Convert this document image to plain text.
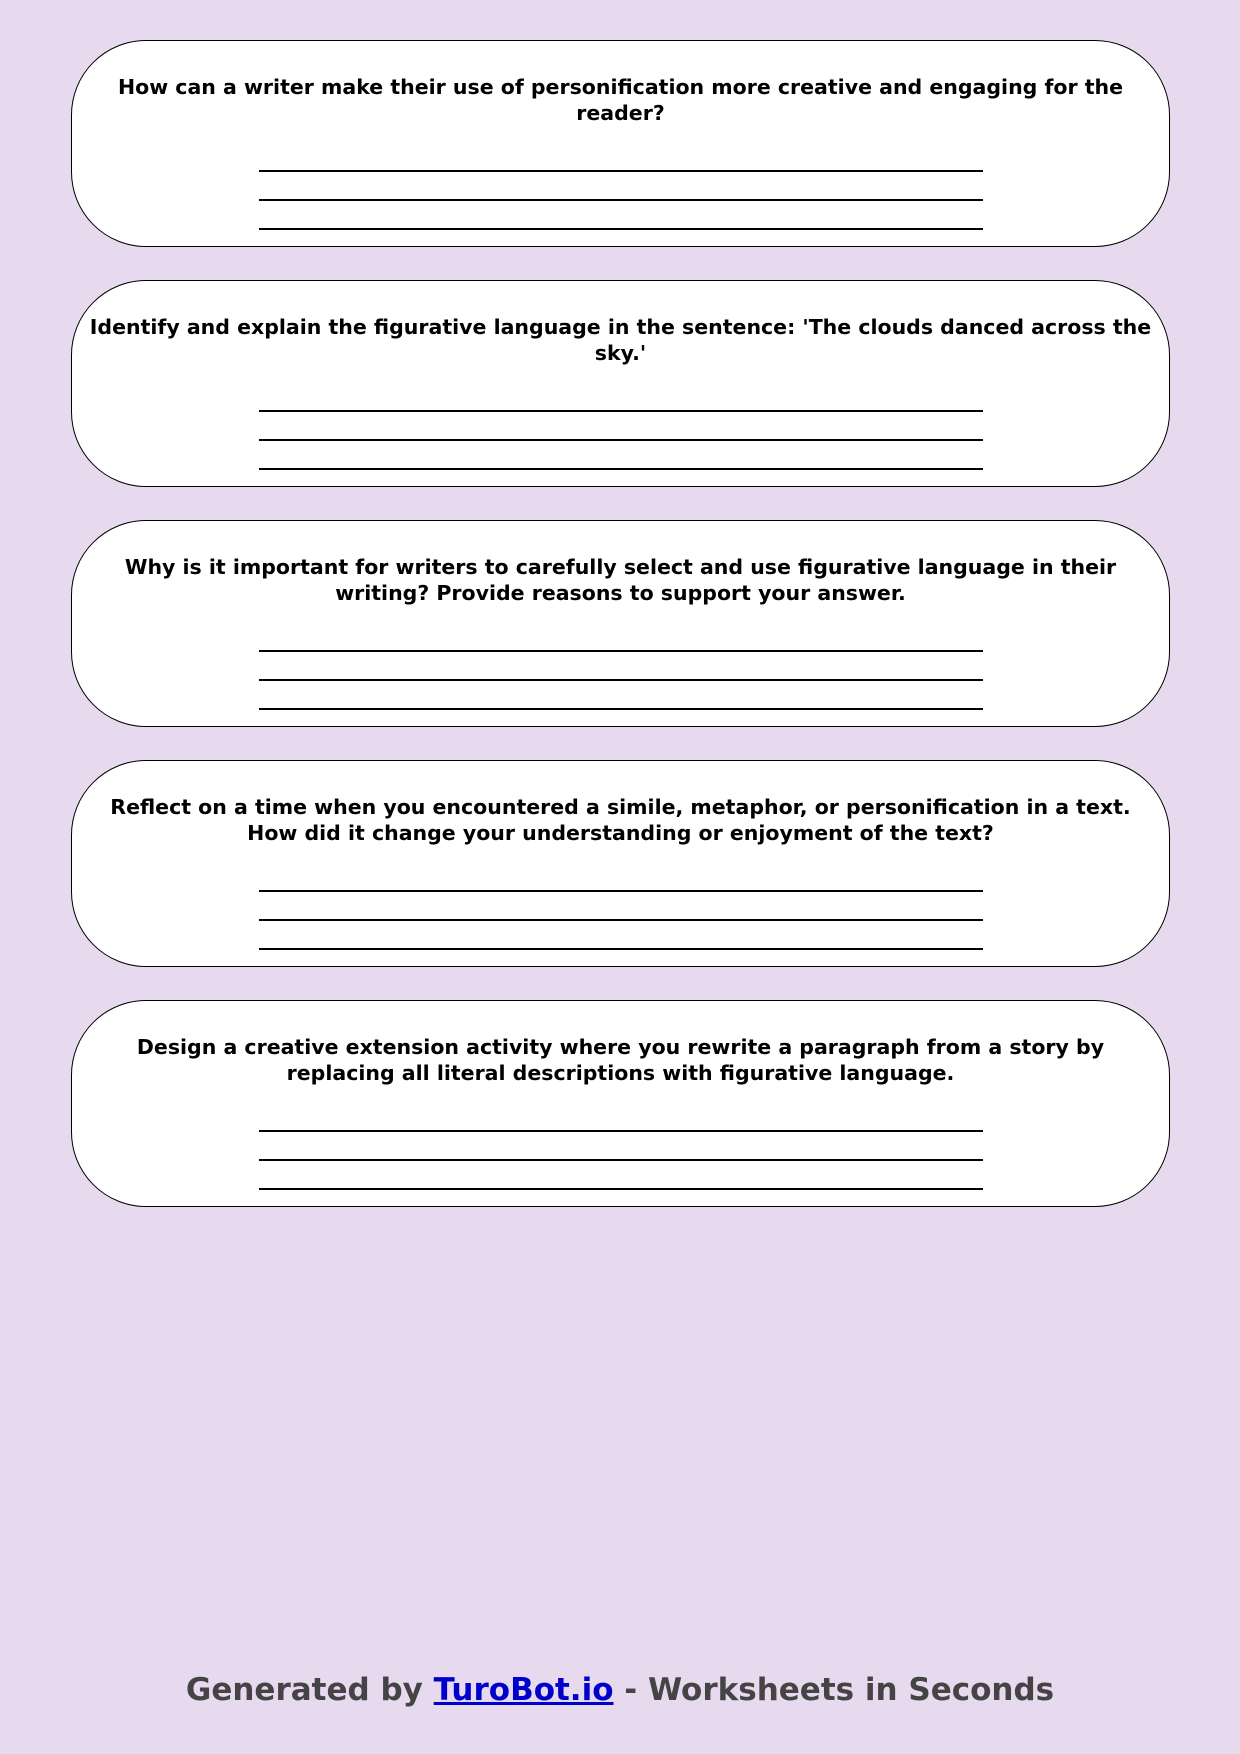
How can a writer make their use of personification more creative and engaging for the reader?
Identify and explain the figurative language in the sentence: 'The clouds danced across the sky.'
Why is it important for writers to carefully select and use figurative language in their writing? Provide reasons to support your answer.
Reflect on a time when you encountered a simile, metaphor, or personification in a text. How did it change your understanding or enjoyment of the text?
Design a creative extension activity where you rewrite a paragraph from a story by replacing all literal descriptions with figurative language.
Generated by TuroBot.io - Worksheets in Seconds
